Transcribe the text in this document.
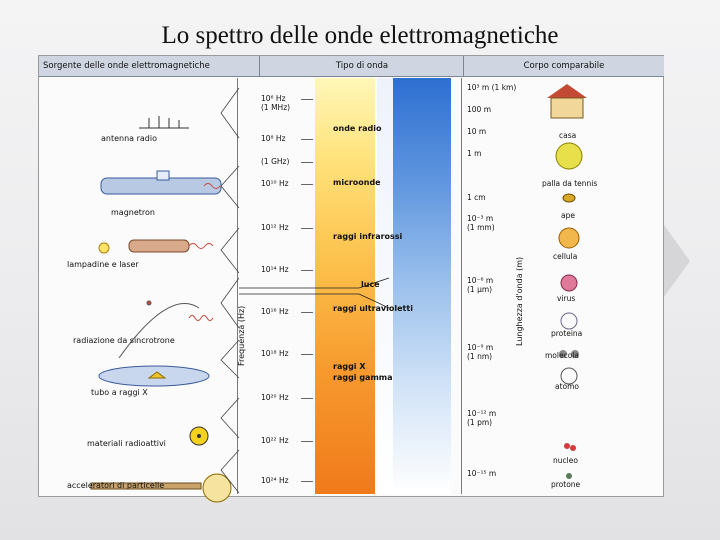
Lo spettro delle onde elettromagnetiche
Sorgente delle onde elettromagnetiche	Tipo di onda	Corpo comparabile
Frequenza (Hz)	Lunghezza d'onda (m)
antenna radio
magnetron
lampadine e laser
radiazione da sincrotrone
tubo a raggi X
materiali radioattivi
acceleratori di particelle
10⁶ Hz
(1 MHz)
10⁸ Hz
(1 GHz)
10¹⁰ Hz
10¹² Hz
10¹⁴ Hz
10¹⁶ Hz
10¹⁸ Hz
10²⁰ Hz
10²² Hz
10²⁴ Hz
onde radio
microonde
raggi infrarossi
luce
raggi ultravioletti
raggi X
raggi gamma
10³ m (1 km)
100 m
10 m
1 m
1 cm
10⁻³ m
(1 mm)
10⁻⁶ m
(1 µm)
10⁻⁹ m
(1 nm)
10⁻¹² m
(1 pm)
10⁻¹⁵ m
casa
palla da tennis
ape
cellula
virus
proteina
molecola
atomo
nucleo
protone
